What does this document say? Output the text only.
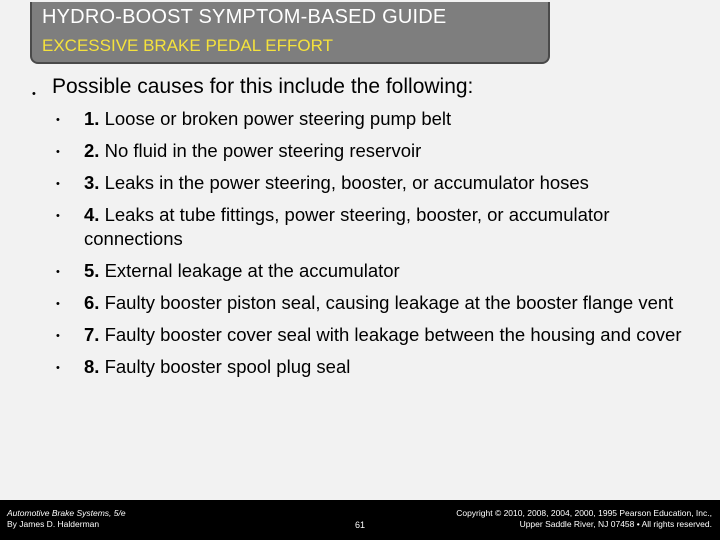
HYDRO-BOOST SYMPTOM-BASED GUIDE
EXCESSIVE BRAKE PEDAL EFFORT
• Possible causes for this include the following:
• 1. Loose or broken power steering pump belt
• 2. No fluid in the power steering reservoir
• 3. Leaks in the power steering, booster, or accumulator hoses
• 4. Leaks at tube fittings, power steering, booster, or accumulator connections
• 5. External leakage at the accumulator
• 6. Faulty booster piston seal, causing leakage at the booster flange vent
• 7. Faulty booster cover seal with leakage between the housing and cover
• 8. Faulty booster spool plug seal
Automotive Brake Systems, 5/e
By James D. Halderman	61
Copyright © 2010, 2008, 2004, 2000, 1995 Pearson Education, Inc.,
Upper Saddle River, NJ 07458 • All rights reserved.
